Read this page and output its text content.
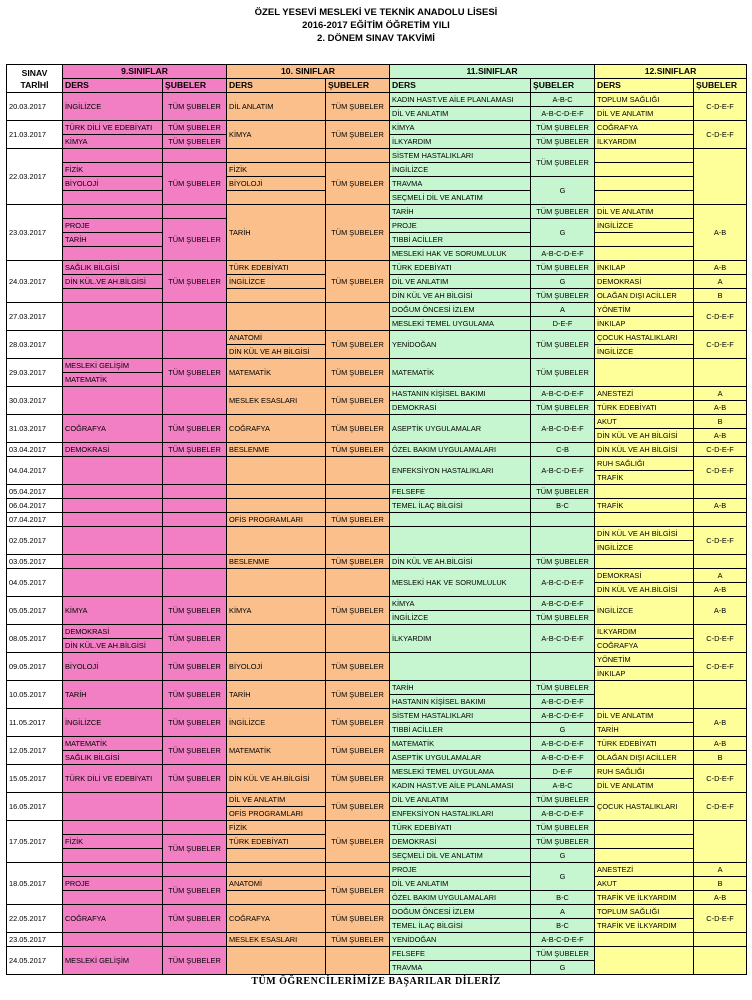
ÖZEL YESEVİ MESLEKİ VE TEKNİK ANADOLU LİSESİ
2016-2017 EĞİTİM ÖĞRETİM YILI
2. DÖNEM SINAV TAKVİMİ
SINAV
TARİHİ	9.SINIFLAR		10. SINIFLAR		11.SINIFLAR		12.SINIFLAR	
	DERS	ŞUBELER	DERS	ŞUBELER	DERS	ŞUBELER	DERS	ŞUBELER
20.03.2017	İNGİLİZCE	TÜM ŞUBELER	DİL ANLATIM	TÜM ŞUBELER	KADIN HAST.VE AİLE PLANLAMASI	A-B-C	TOPLUM SAĞLIĞI	C-D-E-F
					DİL VE ANLATIM	A-B-C-D-E-F	DİL VE ANLATIM	
21.03.2017	TÜRK DİLİ VE EDEBİYATI	TÜM ŞUBELER	KİMYA	TÜM ŞUBELER	KİMYA	TÜM ŞUBELER	COĞRAFYA	C-D-E-F
	KİMYA	TÜM ŞUBELER			İLKYARDIM	TÜM ŞUBELER	İLKYARDIM	
22.03.2017					SİSTEM HASTALIKLARI	TÜM ŞUBELER		
	FİZİK	TÜM ŞUBELER	FİZİK	TÜM ŞUBELER	İNGİLİZCE			
	BİYOLOJİ		BİYOLOJİ		TRAVMA	G		
					SEÇMELİ DİL VE ANLATIM			
23.03.2017			TARİH	TÜM ŞUBELER	TARİH	TÜM ŞUBELER	DİL VE ANLATIM	A-B
	PROJE	TÜM ŞUBELER			PROJE	G	İNGİLİZCE	
	TARİH				TIBBİ ACİLLER			
					MESLEKİ HAK VE SORUMLULUK	A-B-C-D-E-F		
24.03.2017	SAĞLIK BİLGİSİ	TÜM ŞUBELER	TÜRK EDEBİYATI	TÜM ŞUBELER	TÜRK EDEBİYATI	TÜM ŞUBELER	İNKILAP	A-B
	DİN KÜL.VE AH.BİLGİSİ		İNGİLİZCE		DİL VE ANLATIM	G	DEMOKRASİ	A
					DİN KÜL VE AH BİLGİSİ	TÜM ŞUBELER	OLAĞAN DIŞI ACİLLER	B
27.03.2017					DOĞUM ÖNCESİ İZLEM	A	YÖNETİM	C-D-E-F
					MESLEKİ TEMEL UYGULAMA	D-E-F	İNKILAP	
28.03.2017			ANATOMİ	TÜM ŞUBELER	YENİDOĞAN	TÜM ŞUBELER	ÇOCUK HASTALIKLARI	C-D-E-F
			DİN KÜL VE AH BİLGİSİ				İNGİLİZCE	
29.03.2017	MESLEKİ GELİŞİM	TÜM ŞUBELER	MATEMATİK	TÜM ŞUBELER	MATEMATİK	TÜM ŞUBELER		
	MATEMATİK							
30.03.2017			MESLEK ESASLARI	TÜM ŞUBELER	HASTANIN KİŞİSEL BAKIMI	A-B-C-D-E-F	ANESTEZİ	A
					DEMOKRASİ	TÜM ŞUBELER	TÜRK EDEBİYATI	A-B
31.03.2017	COĞRAFYA	TÜM ŞUBELER	COĞRAFYA	TÜM ŞUBELER	ASEPTİK UYGULAMALAR	A-B-C-D-E-F	AKUT	B
							DİN KÜL VE AH BİLGİSİ	A-B
03.04.2017	DEMOKRASİ	TÜM ŞUBELER	BESLENME	TÜM ŞUBELER	ÖZEL BAKIM UYGULAMALARI	C-B	DİN KÜL VE AH BİLGİSİ	C-D-E-F
04.04.2017					ENFEKSİYON HASTALIKLARI	A-B-C-D-E-F	RUH SAĞLIĞI	C-D-E-F
							TRAFİK	
05.04.2017					FELSEFE	TÜM ŞUBELER		
06.04.2017					TEMEL İLAÇ BİLGİSİ	B-C	TRAFİK	A-B
07.04.2017			OFİS PROGRAMLARI	TÜM ŞUBELER				
02.05.2017							DİN KÜL VE AH BİLGİSİ	C-D-E-F
							İNGİLİZCE	
03.05.2017			BESLENME	TÜM ŞUBELER	DİN KÜL VE AH.BİLGİSİ	TÜM ŞUBELER		
04.05.2017					MESLEKİ HAK VE SORUMLULUK	A-B-C-D-E-F	DEMOKRASİ	A
							DİN KÜL VE AH.BİLGİSİ	A-B
05.05.2017	KİMYA	TÜM ŞUBELER	KİMYA	TÜM ŞUBELER	KİMYA	A-B-C-D-E-F	İNGİLİZCE	A-B
					İNGİLİZCE	TÜM ŞUBELER		
08.05.2017	DEMOKRASİ	TÜM ŞUBELER			İLKYARDIM	A-B-C-D-E-F	İLKYARDIM	C-D-E-F
	DİN KÜL.VE AH.BİLGİSİ						COĞRAFYA	
09.05.2017	BİYOLOJİ	TÜM ŞUBELER	BİYOLOJİ	TÜM ŞUBELER			YÖNETİM	C-D-E-F
							İNKILAP	
10.05.2017	TARİH	TÜM ŞUBELER	TARİH	TÜM ŞUBELER	TARİH	TÜM ŞUBELER		
					HASTANIN KİŞİSEL BAKIMI	A-B-C-D-E-F		
11.05.2017	İNGİLİZCE	TÜM ŞUBELER	İNGİLİZCE	TÜM ŞUBELER	SİSTEM HASTALIKLARI	A-B-C-D-E-F	DİL VE ANLATIM	A-B
					TIBBİ ACİLLER	G	TARİH	
12.05.2017	MATEMATİK	TÜM ŞUBELER	MATEMATİK	TÜM ŞUBELER	MATEMATİK	A-B-C-D-E-F	TÜRK EDEBİYATI	A-B
	SAĞLIK BİLGİSİ				ASEPTİK UYGULAMALAR	A-B-C-D-E-F	OLAĞAN DIŞI ACİLLER	B
15.05.2017	TÜRK DİLİ VE EDEBİYATI	TÜM ŞUBELER	DİN KÜL VE AH.BİLGİSİ	TÜM ŞUBELER	MESLEKİ TEMEL UYGULAMA	D-E-F	RUH SAĞLIĞI	C-D-E-F
					KADIN HAST.VE AİLE PLANLAMASI	A-B-C	DİL VE ANLATIM	
16.05.2017			DİL VE ANLATIM	TÜM ŞUBELER	DİL VE ANLATIM	TÜM ŞUBELER	ÇOCUK HASTALIKLARI	C-D-E-F
			OFİS PROGRAMLARI		ENFEKSİYON HASTALIKLARI	A-B-C-D-E-F		
17.05.2017			FİZİK	TÜM ŞUBELER	TÜRK EDEBİYATI	TÜM ŞUBELER		
	FİZİK	TÜM ŞUBELER	TÜRK EDEBİYATI		DEMOKRASİ	TÜM ŞUBELER		
					SEÇMELİ DİL VE ANLATIM	G		
18.05.2017					PROJE	G	ANESTEZİ	A
	PROJE	TÜM ŞUBELER	ANATOMİ	TÜM ŞUBELER	DİL VE ANLATIM		AKUT	B
					ÖZEL BAKIM UYGULAMALARI	B-C	TRAFİK VE İLKYARDIM	A-B
22.05.2017	COĞRAFYA	TÜM ŞUBELER	COĞRAFYA	TÜM ŞUBELER	DOĞUM ÖNCESİ İZLEM	A	TOPLUM SAĞLIĞI	C-D-E-F
					TEMEL İLAÇ BİLGİSİ	B-C	TRAFİK VE İLKYARDIM	
23.05.2017			MESLEK ESASLARI	TÜM ŞUBELER	YENİDOĞAN	A-B-C-D-E-F		
24.05.2017	MESLEKİ GELİŞİM	TÜM ŞUBELER			FELSEFE	TÜM ŞUBELER		
					TRAVMA	G		
TÜM ÖĞRENCİLERİMİZE BAŞARILAR DİLERİZ
